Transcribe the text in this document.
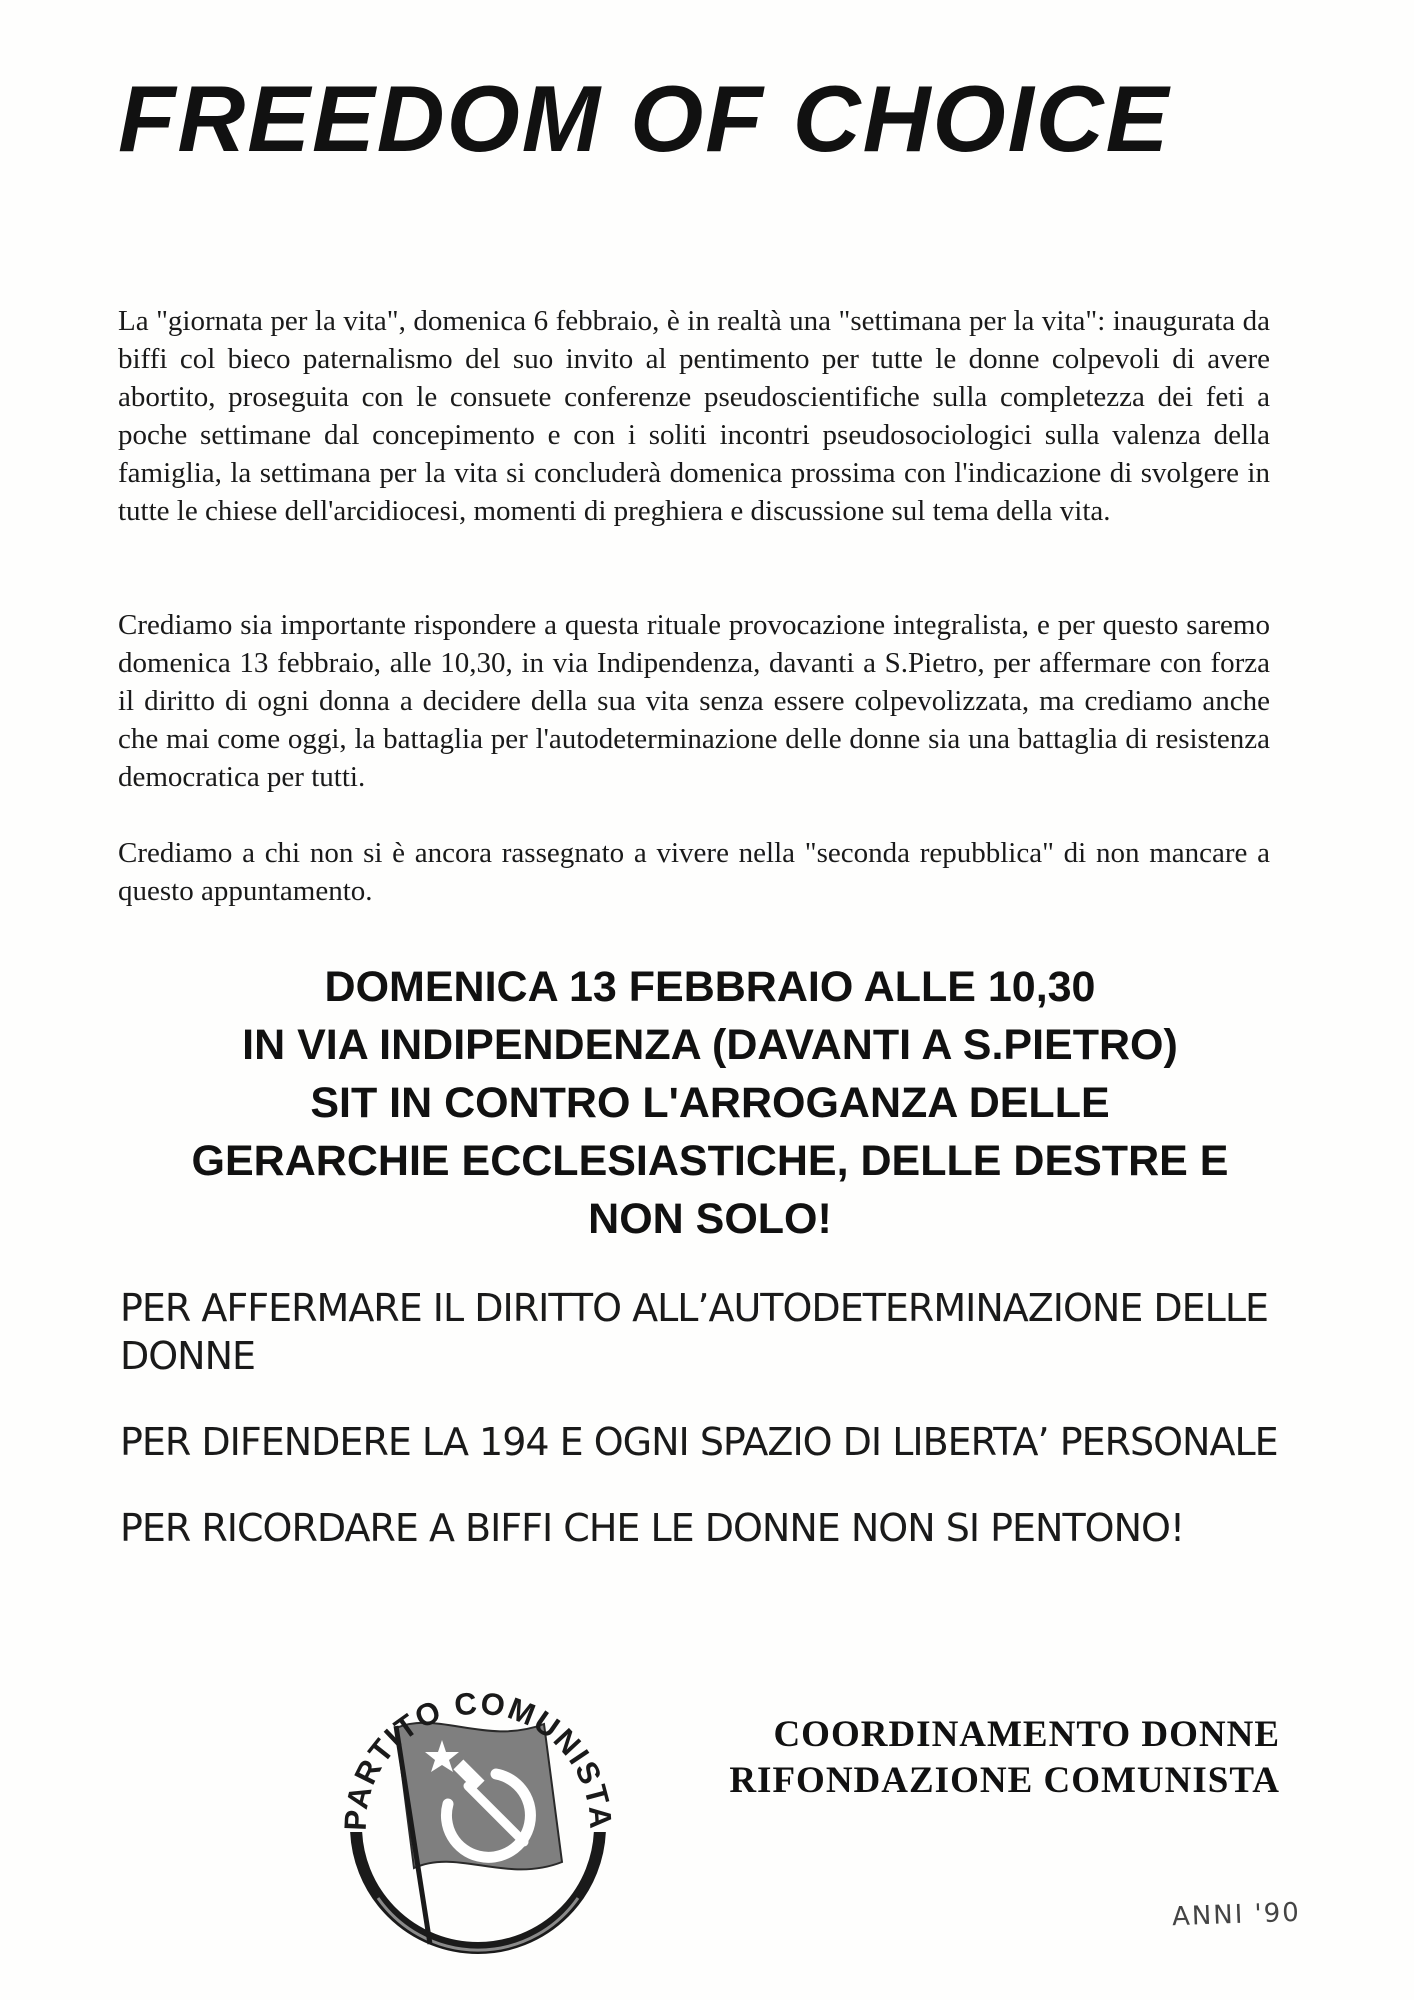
FREEDOM OF CHOICE
La "giornata per la vita", domenica 6 febbraio, è in realtà una "settimana per la vita": inaugurata da biffi col bieco paternalismo del suo invito al pentimento per tutte le donne colpevoli di avere abortito, proseguita con le consuete conferenze pseudoscientifiche sulla completezza dei feti a poche settimane dal concepimento e con i soliti incontri pseudosociologici sulla valenza della famiglia, la settimana per la vita si concluderà domenica prossima con l'indicazione di svolgere in tutte le chiese dell'arcidiocesi, momenti di preghiera e discussione sul tema della vita.
Crediamo sia importante rispondere a questa rituale provocazione integralista, e per questo saremo domenica 13 febbraio, alle 10,30, in via Indipendenza, davanti a S.Pietro, per affermare con forza il diritto di ogni donna a decidere della sua vita senza essere colpevolizzata, ma crediamo anche che mai come oggi, la battaglia per l'autodeterminazione delle donne sia una battaglia di resistenza democratica per tutti.
Crediamo a chi non si è ancora rassegnato a vivere nella "seconda repubblica" di non mancare a questo appuntamento.
DOMENICA 13 FEBBRAIO ALLE 10,30
IN VIA INDIPENDENZA (DAVANTI A S.PIETRO)
SIT IN CONTRO L'ARROGANZA DELLE
GERARCHIE ECCLESIASTICHE, DELLE DESTRE E
NON SOLO!
PER AFFERMARE IL DIRITTO ALL’AUTODETERMINAZIONE DELLE DONNE
PER DIFENDERE LA 194 E OGNI SPAZIO DI LIBERTA’ PERSONALE
PER RICORDARE A BIFFI CHE LE DONNE NON SI PENTONO!
PARTITO COMUNISTA
COORDINAMENTO DONNE
RIFONDAZIONE COMUNISTA
ANNI '90
